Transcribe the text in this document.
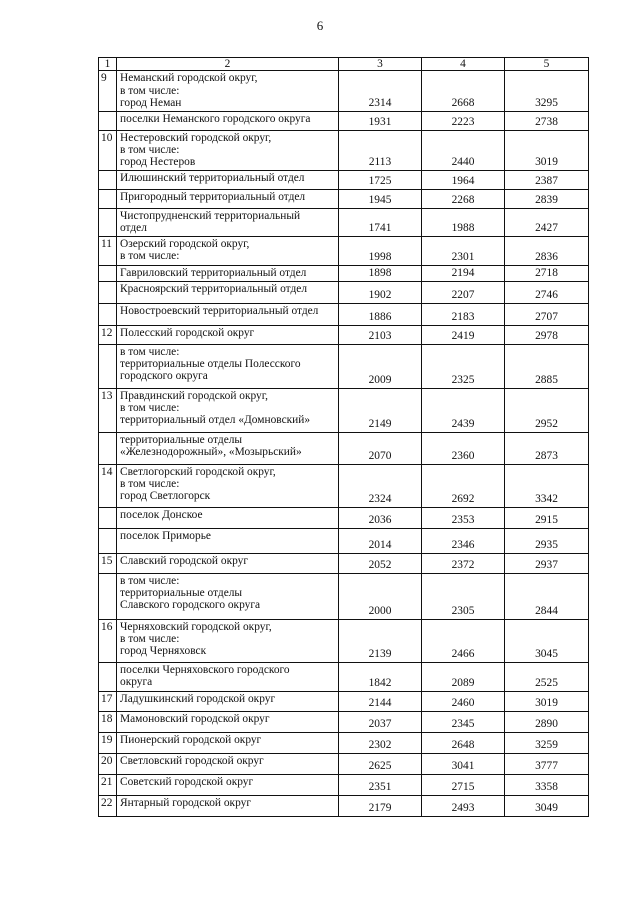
6
1	2	3	4	5
9	Неманский городской округ,
в том числе:
город Неман	2314	2668	3295
	поселки Неманского городского округа	1931	2223	2738
10	Нестеровский городской округ,
в том числе:
город Нестеров	2113	2440	3019
	Илюшинский территориальный отдел	1725	1964	2387
	Пригородный территориальный отдел	1945	2268	2839
	Чистопрудненский территориальный
отдел	1741	1988	2427
11	Озерский городской округ,
в том числе:	1998	2301	2836
	Гавриловский территориальный отдел	1898	2194	2718
	Краснояpский территориальный отдел	1902	2207	2746
	Новостроевский территориальный отдел	1886	2183	2707
12	Полесский городской округ	2103	2419	2978
	в том числе:
территориальные отделы Полесского
городского округа	2009	2325	2885
13	Правдинский городской округ,
в том числе:
территориальный отдел «Домновский»	2149	2439	2952
	территориальные отделы
«Железнодорожный», «Мозырьский»	2070	2360	2873
14	Светлогорский городской округ,
в том числе:
город Светлогорск	2324	2692	3342
	поселок Донское	2036	2353	2915
	поселок Приморье	2014	2346	2935
15	Славский городской округ	2052	2372	2937
	в том числе:
территориальные отделы
Славского городского округа	2000	2305	2844
16	Черняховский городской округ,
в том числе:
город Черняховск	2139	2466	3045
	поселки Черняховского городского
округа	1842	2089	2525
17	Ладушкинский городской округ	2144	2460	3019
18	Мамоновский городской округ	2037	2345	2890
19	Пионерский городской округ	2302	2648	3259
20	Светловский городской округ	2625	3041	3777
21	Советский городской округ	2351	2715	3358
22	Янтарный городской округ	2179	2493	3049
